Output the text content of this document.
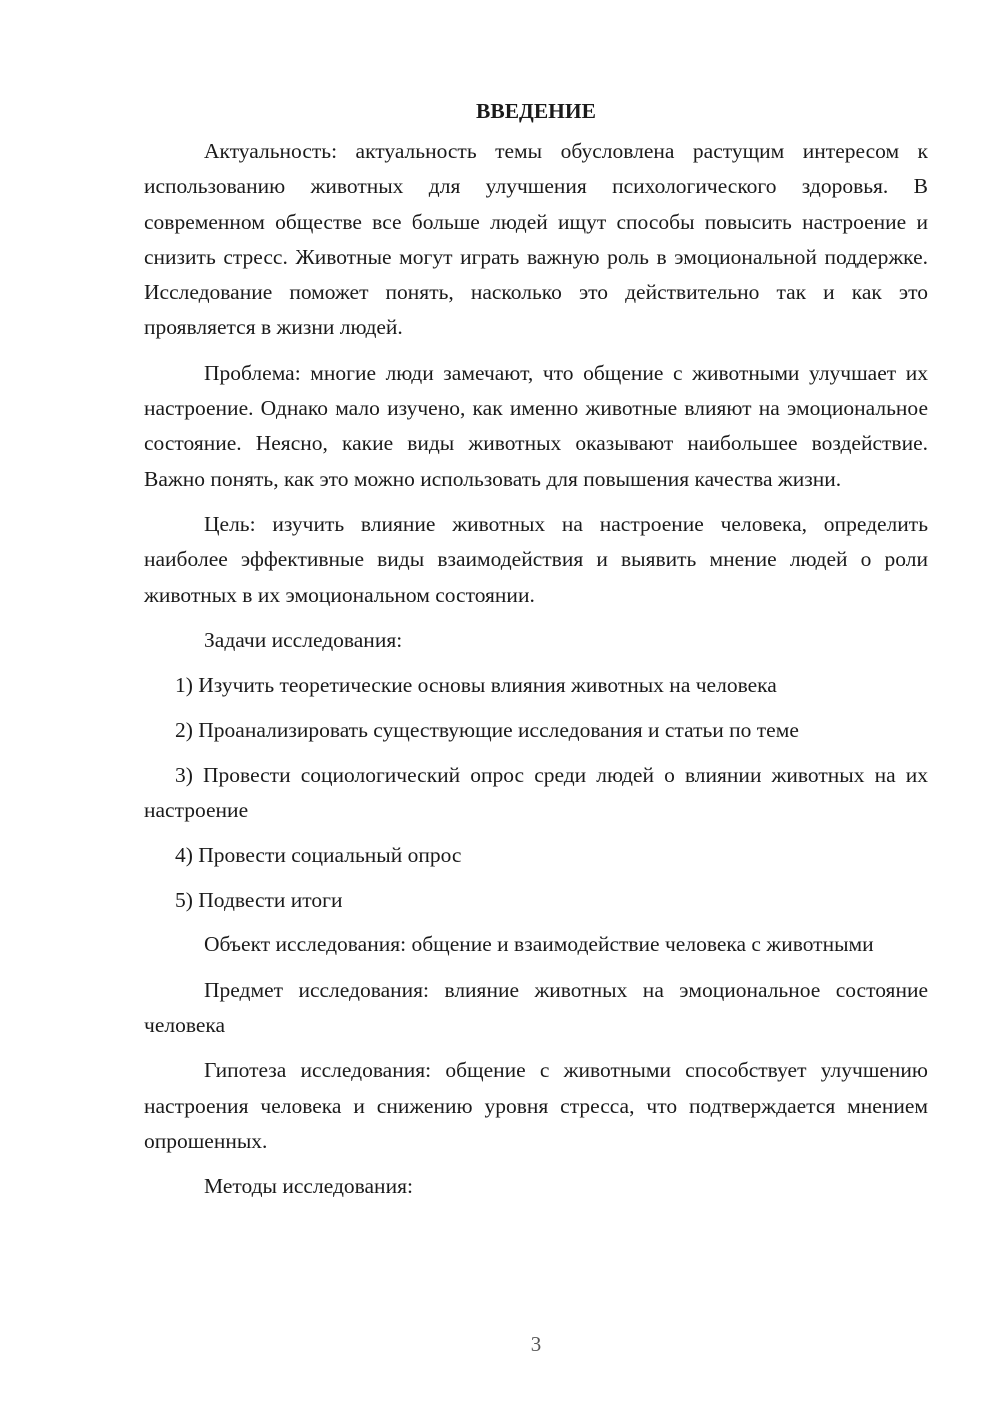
ВВЕДЕНИЕ

Актуальность: актуальность темы обусловлена растущим интересом к использованию животных для улучшения психологического здоровья. В современном обществе все больше людей ищут способы повысить настроение и снизить стресс. Животные могут играть важную роль в эмоциональной поддержке. Исследование поможет понять, насколько это действительно так и как это проявляется в жизни людей.

Проблема: многие люди замечают, что общение с животными улучшает их настроение. Однако мало изучено, как именно животные влияют на эмоциональное состояние. Неясно, какие виды животных оказывают наибольшее воздействие. Важно понять, как это можно использовать для повышения качества жизни.

Цель: изучить влияние животных на настроение человека, определить наиболее эффективные виды взаимодействия и выявить мнение людей о роли животных в их эмоциональном состоянии.

Задачи исследования:

1) Изучить теоретические основы влияния животных на человека

2) Проанализировать существующие исследования и статьи по теме

3) Провести социологический опрос среди людей о влиянии животных на их настроение

4) Провести социальный опрос

5) Подвести итоги

Объект исследования: общение и взаимодействие человека с животными

Предмет исследования: влияние животных на эмоциональное состояние человека

Гипотеза исследования: общение с животными способствует улучшению настроения человека и снижению уровня стресса, что подтверждается мнением опрошенных.

Методы исследования:

3
